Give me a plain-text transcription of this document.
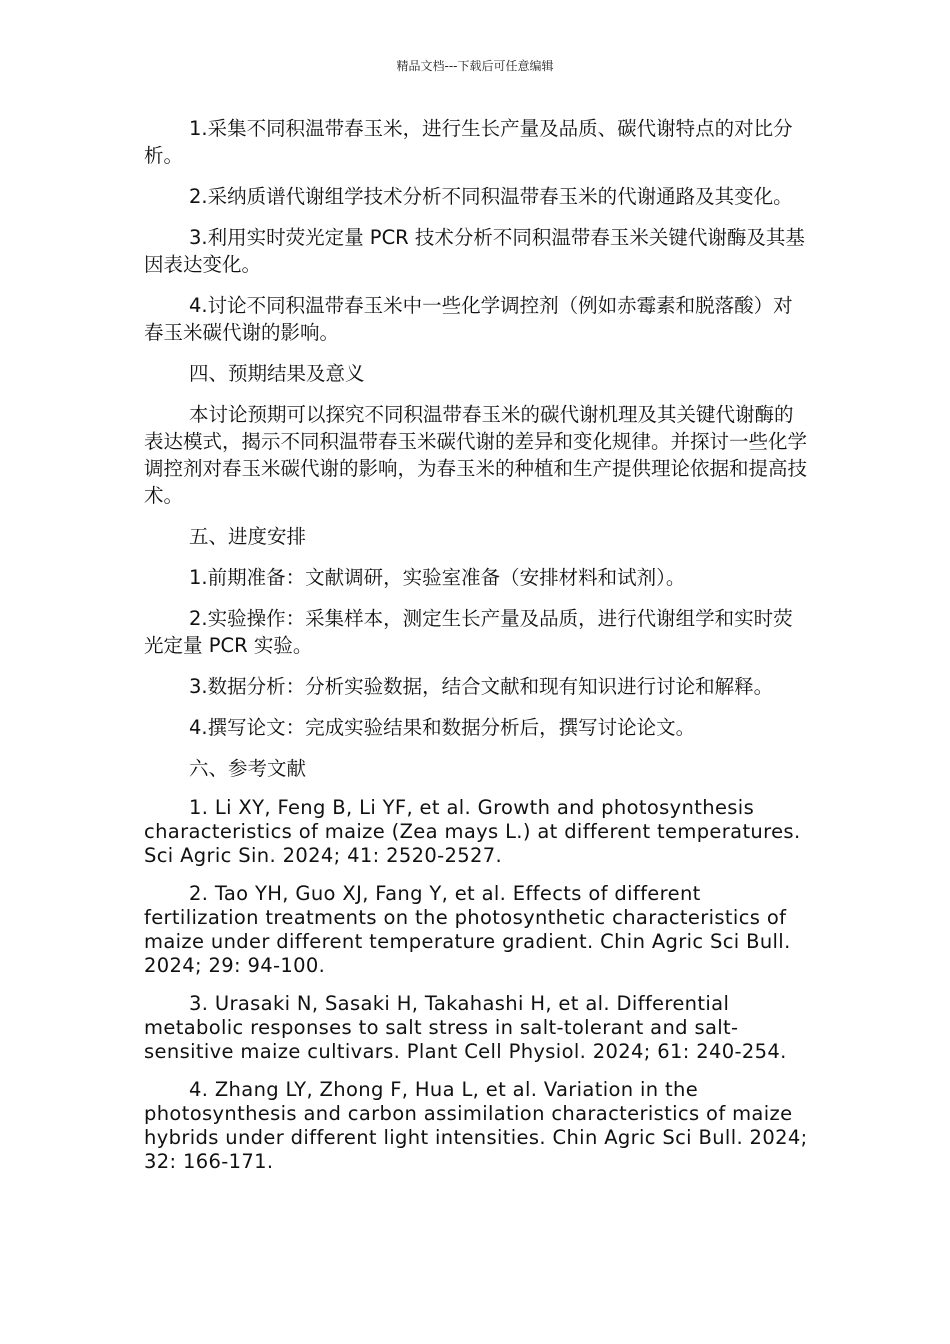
精品文档---下载后可任意编辑

1.采集不同积温带春玉米，进行生长产量及品质、碳代谢特点的对比分析。

2.采纳质谱代谢组学技术分析不同积温带春玉米的代谢通路及其变化。

3.利用实时荧光定量 PCR 技术分析不同积温带春玉米关键代谢酶及其基因表达变化。

4.讨论不同积温带春玉米中一些化学调控剂（例如赤霉素和脱落酸）对春玉米碳代谢的影响。

四、预期结果及意义

本讨论预期可以探究不同积温带春玉米的碳代谢机理及其关键代谢酶的表达模式，揭示不同积温带春玉米碳代谢的差异和变化规律。并探讨一些化学调控剂对春玉米碳代谢的影响，为春玉米的种植和生产提供理论依据和提高技术。

五、进度安排

1.前期准备：文献调研，实验室准备（安排材料和试剂）。

2.实验操作：采集样本，测定生长产量及品质，进行代谢组学和实时荧光定量 PCR 实验。

3.数据分析：分析实验数据，结合文献和现有知识进行讨论和解释。

4.撰写论文：完成实验结果和数据分析后，撰写讨论论文。

六、参考文献

1. Li XY, Feng B, Li YF, et al. Growth and photosynthesis characteristics of maize (Zea mays L.) at different temperatures. Sci Agric Sin. 2024; 41: 2520-2527.

2. Tao YH, Guo XJ, Fang Y, et al. Effects of different fertilization treatments on the photosynthetic characteristics of maize under different temperature gradient. Chin Agric Sci Bull. 2024; 29: 94-100.

3. Urasaki N, Sasaki H, Takahashi H, et al. Differential metabolic responses to salt stress in salt-tolerant and salt-sensitive maize cultivars. Plant Cell Physiol. 2024; 61: 240-254.

4. Zhang LY, Zhong F, Hua L, et al. Variation in the photosynthesis and carbon assimilation characteristics of maize hybrids under different light intensities. Chin Agric Sci Bull. 2024; 32: 166-171.
